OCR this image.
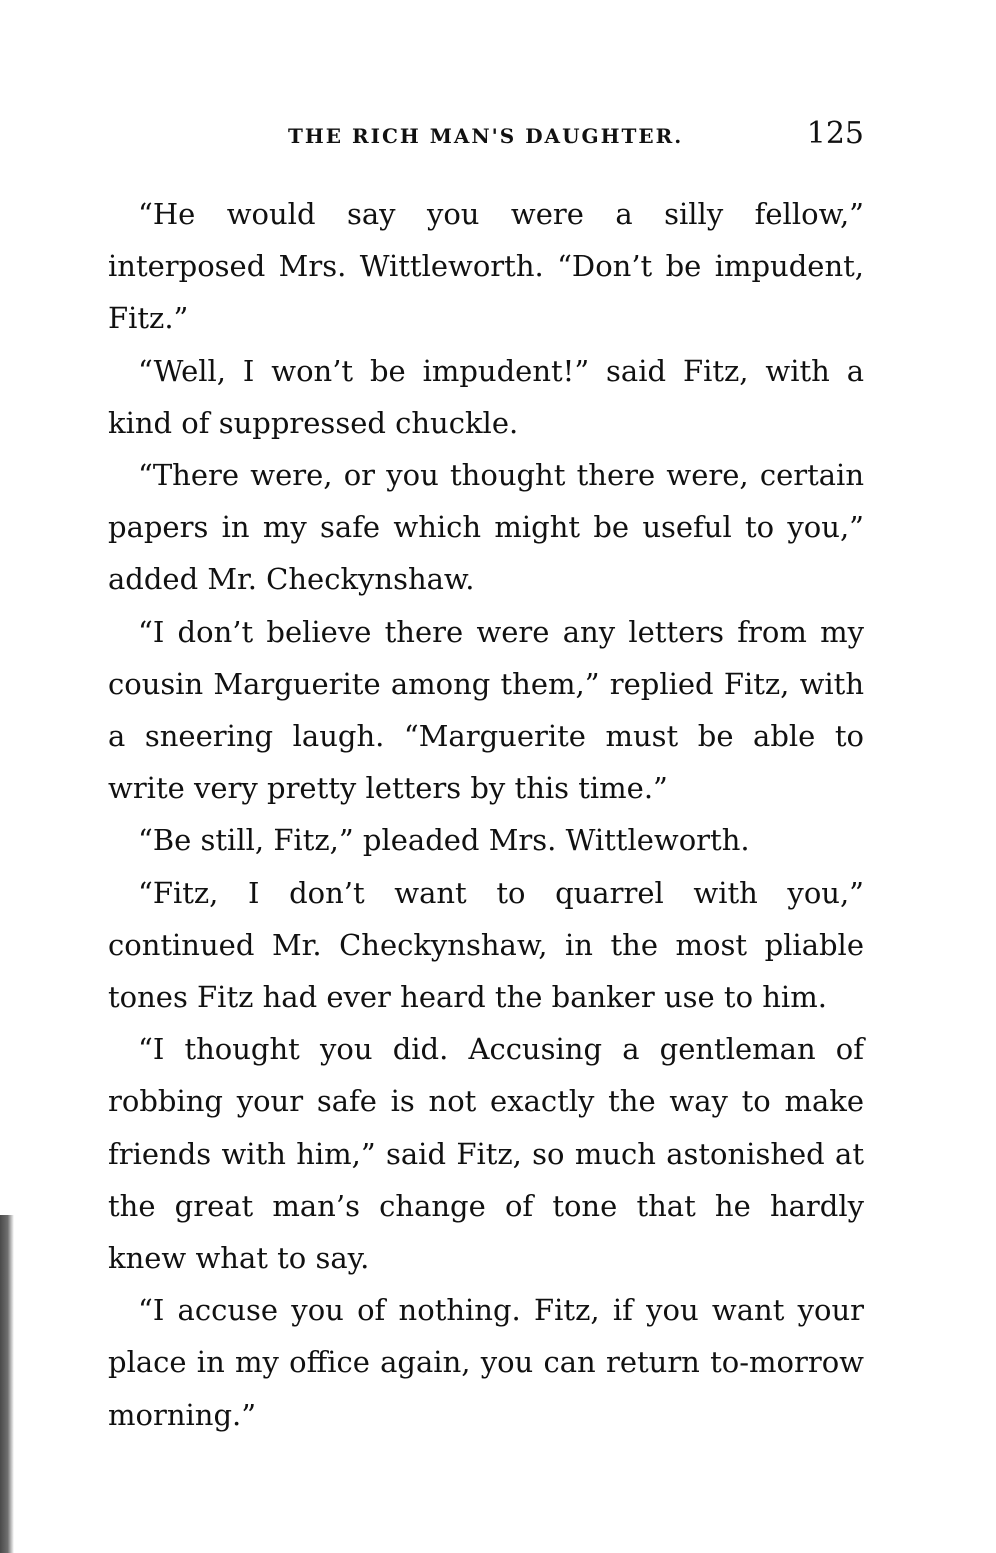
THE RICH MAN'S DAUGHTER.	125

“He would say you were a silly fellow,” interposed Mrs. Wittleworth. “Don’t be impudent, Fitz.”

“Well, I won’t be impudent!” said Fitz, with a kind of suppressed chuckle.

“There were, or you thought there were, certain papers in my safe which might be useful to you,” added Mr. Checkynshaw.

“I don’t believe there were any letters from my cousin Marguerite among them,” replied Fitz, with a sneering laugh. “Marguerite must be able to write very pretty letters by this time.”

“Be still, Fitz,” pleaded Mrs. Wittleworth.

“Fitz, I don’t want to quarrel with you,” continued Mr. Checkynshaw, in the most pliable tones Fitz had ever heard the banker use to him.

“I thought you did. Accusing a gentleman of robbing your safe is not exactly the way to make friends with him,” said Fitz, so much astonished at the great man’s change of tone that he hardly knew what to say.

“I accuse you of nothing. Fitz, if you want your place in my office again, you can return to-morrow morning.”
